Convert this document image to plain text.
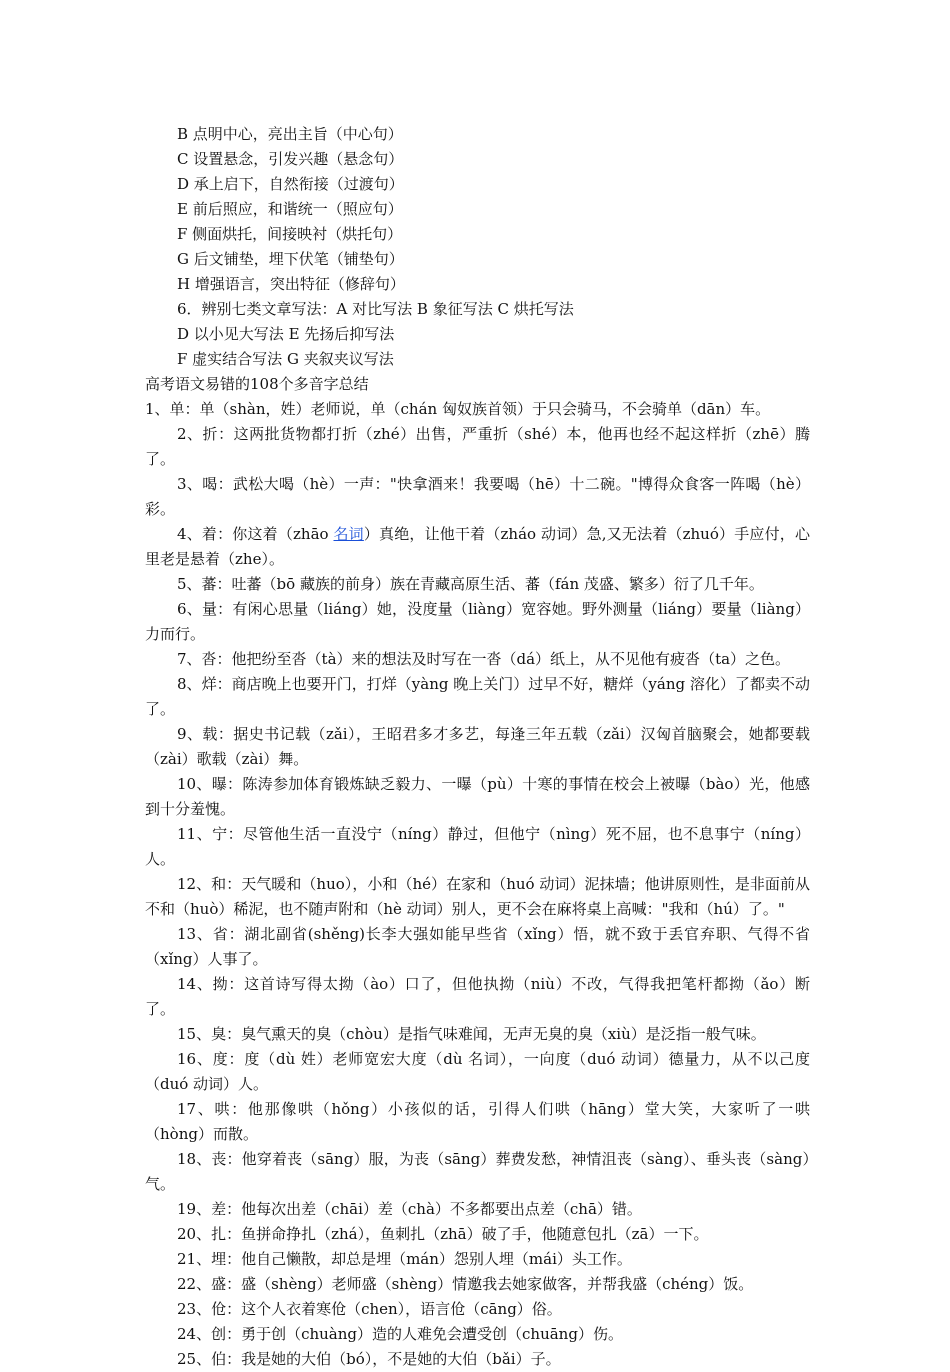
B 点明中心，亮出主旨（中心句）
C 设置悬念，引发兴趣（悬念句）
D 承上启下，自然衔接（过渡句）
E 前后照应，和谐统一（照应句）
F 侧面烘托，间接映衬（烘托句）
G 后文铺垫，埋下伏笔（铺垫句）
H 增强语言，突出特征（修辞句）
6．辨别七类文章写法：A 对比写法 B 象征写法 C 烘托写法
D 以小见大写法 E 先扬后抑写法
F 虚实结合写法 G 夹叙夹议写法
高考语文易错的108个多音字总结
1、单：单（shàn，姓）老师说，单（chán 匈奴族首领）于只会骑马，不会骑单（dān）车。

2、折：这两批货物都打折（zhé）出售，严重折（shé）本，他再也经不起这样折（zhē）腾了。

3、喝：武松大喝（hè）一声："快拿酒来！我要喝（hē）十二碗。"博得众食客一阵喝（hè）彩。

4、着：你这着（zhāo 名词）真绝，让他干着（zháo 动词）急,又无法着（zhuó）手应付，心里老是悬着（zhe）。

5、蕃：吐蕃（bō 藏族的前身）族在青藏高原生活、蕃（fán 茂盛、繁多）衍了几千年。

6、量：有闲心思量（liáng）她，没度量（liàng）宽容她。野外测量（liáng）要量（liàng）力而行。

7、沓：他把纷至沓（tà）来的想法及时写在一沓（dá）纸上，从不见他有疲沓（ta）之色。

8、烊：商店晚上也要开门，打烊（yàng 晚上关门）过早不好，糖烊（yáng 溶化）了都卖不动了。

9、载：据史书记载（zǎi），王昭君多才多艺，每逢三年五载（zǎi）汉匈首脑聚会，她都要载（zài）歌载（zài）舞。

10、曝：陈涛参加体育锻炼缺乏毅力、一曝（pù）十寒的事情在校会上被曝（bào）光，他感到十分羞愧。

11、宁：尽管他生活一直没宁（níng）静过，但他宁（nìng）死不屈，也不息事宁（níng）人。

12、和：天气暖和（huo），小和（hé）在家和（huó 动词）泥抹墙；他讲原则性，是非面前从不和（huò）稀泥，也不随声附和（hè 动词）别人，更不会在麻将桌上高喊："我和（hú）了。"

13、省：湖北副省(shěng)长李大强如能早些省（xǐng）悟，就不致于丢官弃职、气得不省（xǐng）人事了。

14、拗：这首诗写得太拗（ào）口了，但他执拗（niù）不改，气得我把笔杆都拗（ǎo）断了。

15、臭：臭气熏天的臭（chòu）是指气味难闻，无声无臭的臭（xiù）是泛指一般气味。

16、度：度（dù 姓）老师宽宏大度（dù 名词），一向度（duó 动词）德量力，从不以己度（duó 动词）人。

17、哄：他那像哄（hǒng）小孩似的话，引得人们哄（hāng）堂大笑，大家听了一哄（hòng）而散。

18、丧：他穿着丧（sāng）服，为丧（sāng）葬费发愁，神情沮丧（sàng）、垂头丧（sàng）气。

19、差：他每次出差（chāi）差（chà）不多都要出点差（chā）错。

20、扎：鱼拼命挣扎（zhá），鱼刺扎（zhā）破了手，他随意包扎（zā）一下。

21、埋：他自己懒散，却总是埋（mán）怨别人埋（mái）头工作。

22、盛：盛（shèng）老师盛（shèng）情邀我去她家做客，并帮我盛（chéng）饭。

23、伧：这个人衣着寒伧（chen），语言伧（cāng）俗。

24、创：勇于创（chuàng）造的人难免会遭受创（chuāng）伤。

25、伯：我是她的大伯（bó），不是她的大伯（bǎi）子。
